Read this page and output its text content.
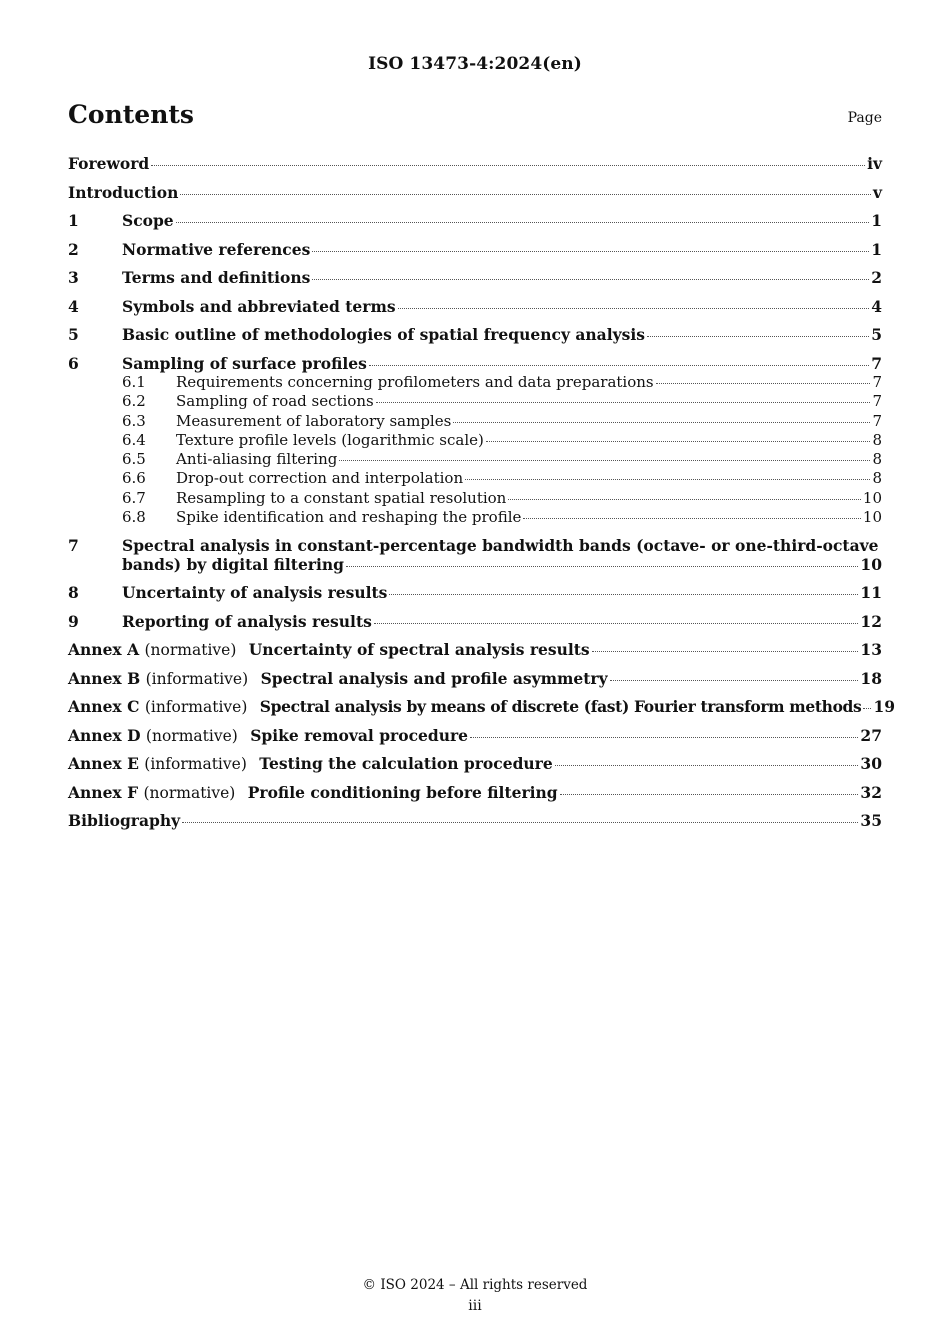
ISO 13473-4:2024(en)
Contents	Page
Foreword	iv
Introduction	v
1	Scope	1
2	Normative references	1
3	Terms and definitions	2
4	Symbols and abbreviated terms	4
5	Basic outline of methodologies of spatial frequency analysis	5
6	Sampling of surface profiles	7
6.1	Requirements concerning profilometers and data preparations	7
6.2	Sampling of road sections	7
6.3	Measurement of laboratory samples	7
6.4	Texture profile levels (logarithmic scale)	8
6.5	Anti-aliasing filtering	8
6.6	Drop-out correction and interpolation	8
6.7	Resampling to a constant spatial resolution	10
6.8	Spike identification and reshaping the profile	10
7	Spectral analysis in constant-percentage bandwidth bands (octave- or one-third-octave
bands) by digital filtering	10
8	Uncertainty of analysis results	11
9	Reporting of analysis results	12
Annex A (normative) Uncertainty of spectral analysis results	13
Annex B (informative) Spectral analysis and profile asymmetry	18
Annex C (informative) Spectral analysis by means of discrete (fast) Fourier transform methods 19
Annex D (normative) Spike removal procedure	27
Annex E (informative) Testing the calculation procedure	30
Annex F (normative) Profile conditioning before filtering	32
Bibliography	35
© ISO 2024 – All rights reserved
iii
